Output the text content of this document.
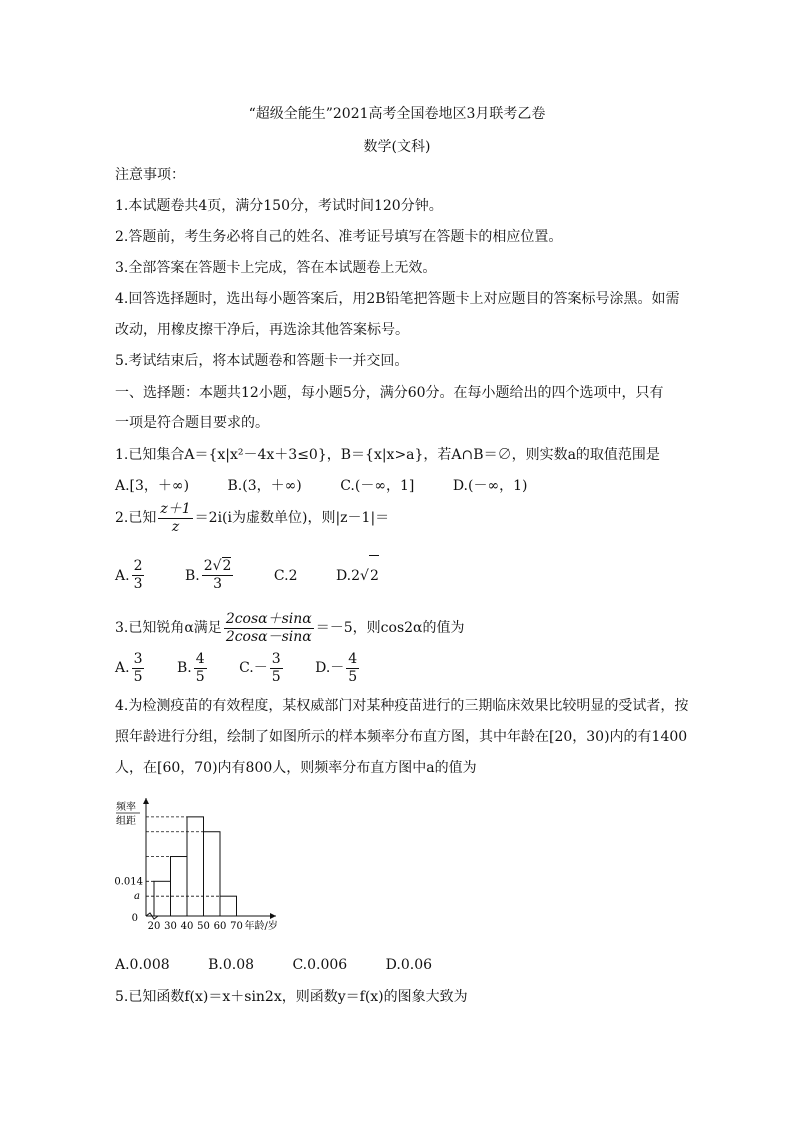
“超级全能生”2021高考全国卷地区3月联考乙卷
数学(文科)
注意事项：
1.本试题卷共4页，满分150分，考试时间120分钟。
2.答题前，考生务必将自己的姓名、准考证号填写在答题卡的相应位置。
3.全部答案在答题卡上完成，答在本试题卷上无效。
4.回答选择题时，选出每小题答案后，用2B铅笔把答题卡上对应题目的答案标号涂黑。如需
改动，用橡皮擦干净后，再选涂其他答案标号。
5.考试结束后，将本试题卷和答题卡一并交回。
一、选择题：本题共12小题，每小题5分，满分60分。在每小题给出的四个选项中，只有
一项是符合题目要求的。
1.已知集合A＝{x|x²－4x＋3≤0}，B＝{x|x>a}，若A∩B＝∅，则实数a的取值范围是
A.[3，＋∞)	B.(3，＋∞)	C.(－∞，1]	D.(－∞，1)
2.已知 $\frac{z+1}{z} =2i(i$为虚数单位)，则|z－1|＝
A. $\frac{2}{3}$
	B. $\frac{2√2}{3}$	C.2	D.2 √ 2
3.已知锐角α满足 $\frac{2\cos\alpha+\sin\alpha}{2\cos\alpha-\sin\alpha} =-5$，则cos2α的值为
A. $\frac{3}{5}$
B. $\frac{4}{5}$
C. － $\frac{3}{5}$
D. － $\frac{4}{5}$
4.为检测疫苗的有效程度，某权威部门对某种疫苗进行的三期临床效果比较明显的受试者，按
照年龄进行分组，绘制了如图所示的样本频率分布直方图，其中年龄在[20，30)内的有1400
人，在[60，70)内有800人，则频率分布直方图中a的值为
频率
组距
0.014
a
0
20 30 40 50 60 70 年龄/岁
A.0.008	B.0.08	C.0.006	D.0.06
5.已知函数f(x)＝x＋sin2x，则函数y＝f(x)的图象大致为
